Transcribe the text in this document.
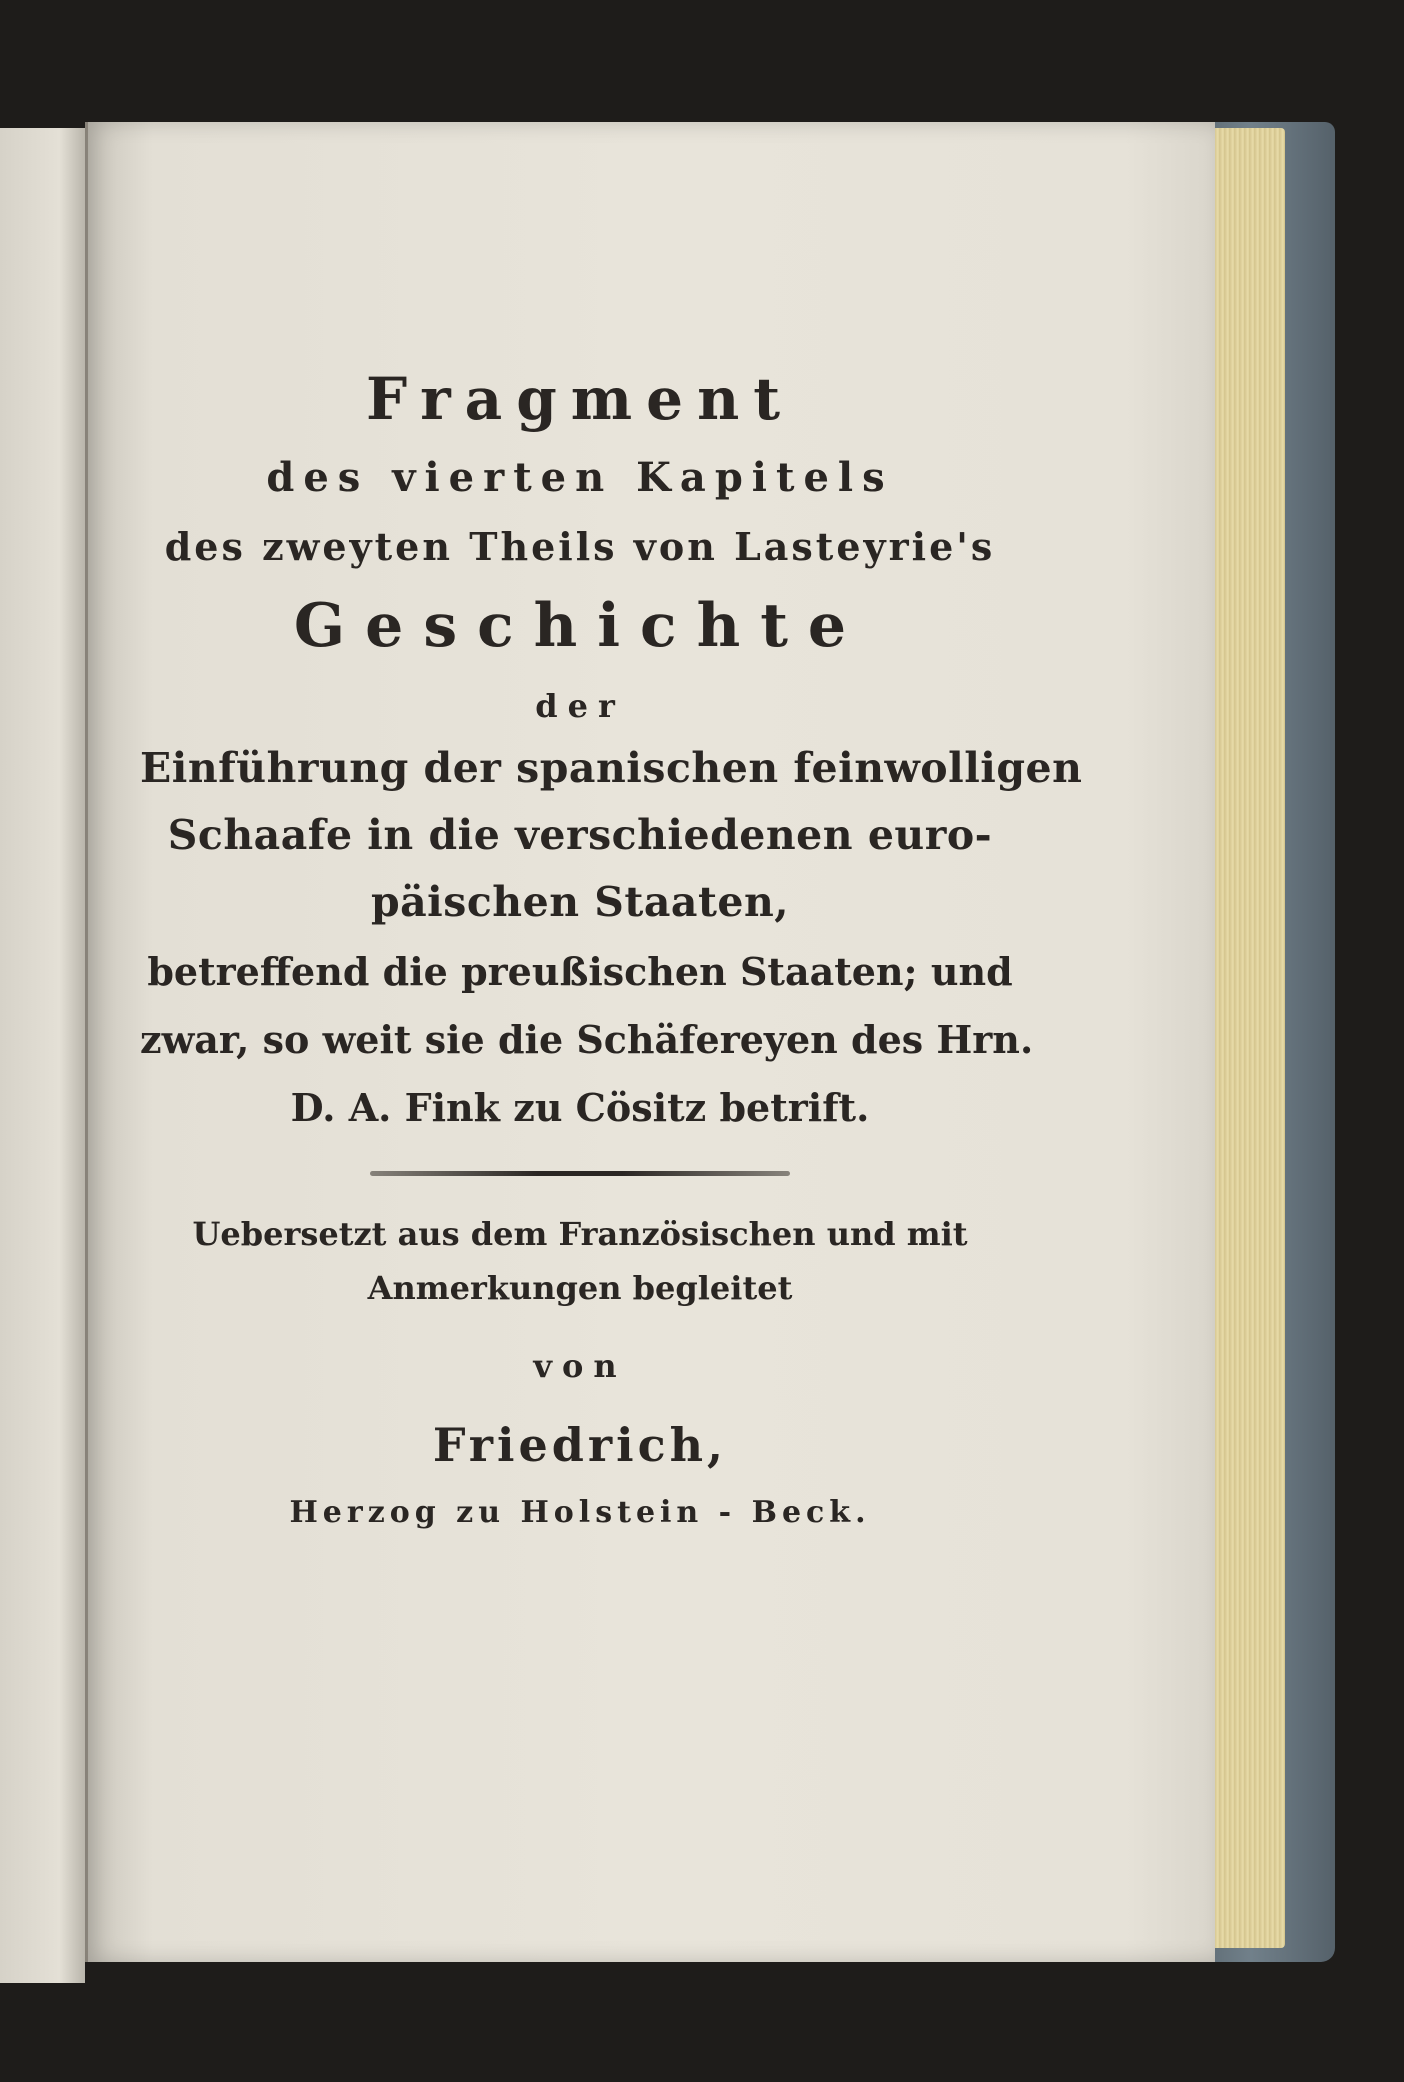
Fragment
des vierten Kapitels
des zweyten Theils von Lasteyrie's
Geschichte
der
Einführung der spanischen feinwolligen
Schaafe in die verschiedenen euro-
päischen Staaten,
betreffend die preußischen Staaten; und
zwar, so weit sie die Schäfereyen des Hrn.
D. A. Fink zu Cösitz betrift.
Uebersetzt aus dem Französischen und mit
Anmerkungen begleitet
von
Friedrich,
Herzog zu Holstein - Beck.
